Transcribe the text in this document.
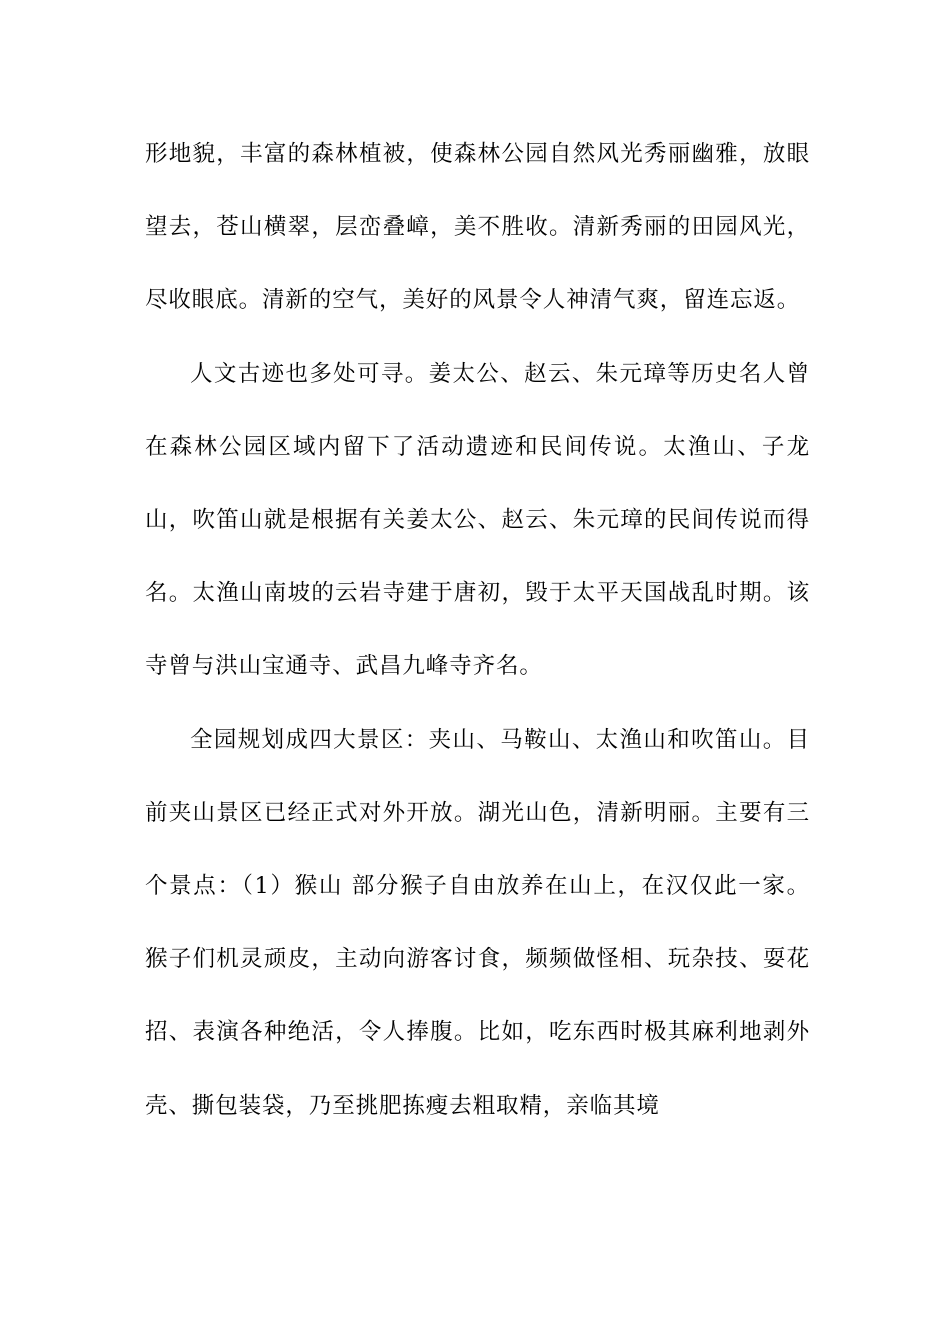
形地貌，丰富的森林植被，使森林公园自然风光秀丽幽雅，放眼望去，苍山横翠，层峦叠嶂，美不胜收。清新秀丽的田园风光，尽收眼底。清新的空气，美好的风景令人神清气爽，留连忘返。

人文古迹也多处可寻。姜太公、赵云、朱元璋等历史名人曾在森林公园区域内留下了活动遗迹和民间传说。太渔山、子龙山，吹笛山就是根据有关姜太公、赵云、朱元璋的民间传说而得名。太渔山南坡的云岩寺建于唐初，毁于太平天国战乱时期。该寺曾与洪山宝通寺、武昌九峰寺齐名。

全园规划成四大景区：夹山、马鞍山、太渔山和吹笛山。目前夹山景区已经正式对外开放。湖光山色，清新明丽。主要有三个景点：（1）猴山 部分猴子自由放养在山上，在汉仅此一家。猴子们机灵顽皮，主动向游客讨食，频频做怪相、玩杂技、耍花招、表演各种绝活，令人捧腹。比如，吃东西时极其麻利地剥外壳、撕包装袋，乃至挑肥拣瘦去粗取精，亲临其境
